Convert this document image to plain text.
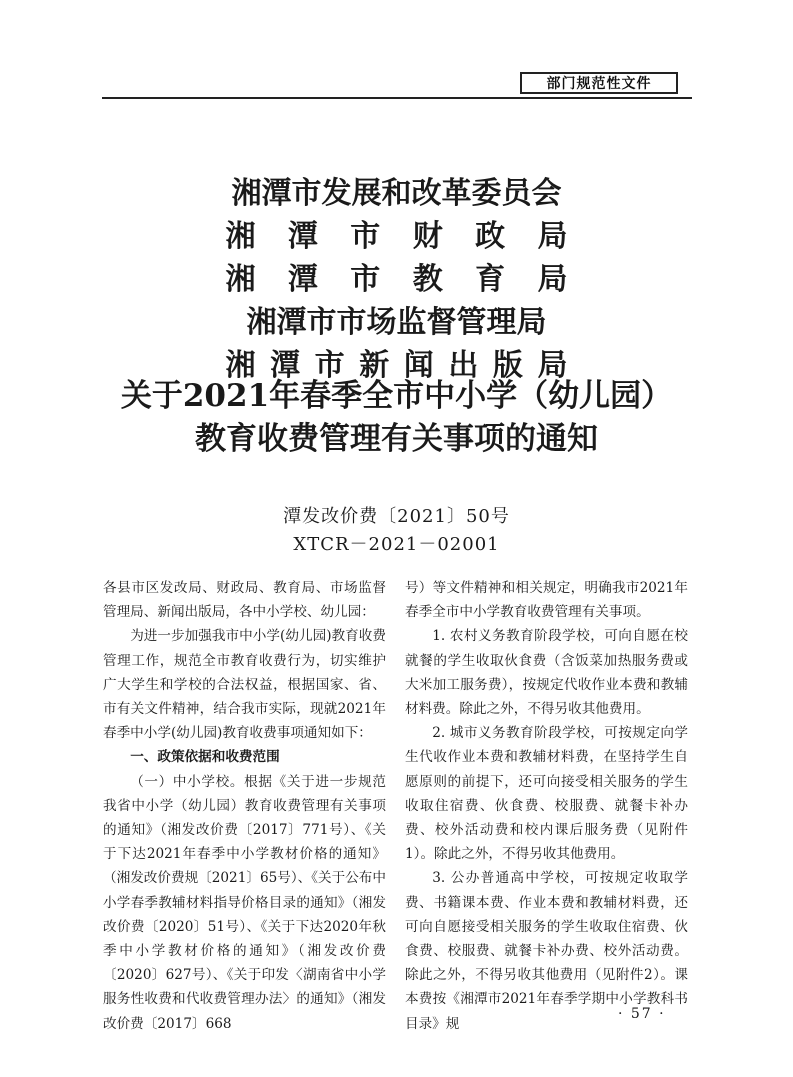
部门规范性文件
湘潭市发展和改革委员会
湘潭市财政局
湘潭市教育局
湘潭市市场监督管理局
湘潭市新闻出版局
关于2021年春季全市中小学（幼儿园）
教育收费管理有关事项的通知
潭发改价费〔2021〕50号
XTCR－2021－02001

各县市区发改局、财政局、教育局、市场监督管理局、新闻出版局，各中小学校、幼儿园：

为进一步加强我市中小学(幼儿园)教育收费管理工作，规范全市教育收费行为，切实维护广大学生和学校的合法权益，根据国家、省、市有关文件精神，结合我市实际，现就2021年春季中小学(幼儿园)教育收费事项通知如下：

一、政策依据和收费范围

（一）中小学校。根据《关于进一步规范我省中小学（幼儿园）教育收费管理有关事项的通知》（湘发改价费〔2017〕771号）、《关于下达2021年春季中小学教材价格的通知》（湘发改价费规〔2021〕65号）、《关于公布中小学春季教辅材料指导价格目录的通知》（湘发改价费〔2020〕51号）、《关于下达2020年秋季中小学教材价格的通知》（湘发改价费〔2020〕627号）、《关于印发〈湖南省中小学服务性收费和代收费管理办法〉的通知》（湘发改价费〔2017〕668

号）等文件精神和相关规定，明确我市2021年春季全市中小学教育收费管理有关事项。

1. 农村义务教育阶段学校，可向自愿在校就餐的学生收取伙食费（含饭菜加热服务费或大米加工服务费），按规定代收作业本费和教辅材料费。除此之外，不得另收其他费用。

2. 城市义务教育阶段学校，可按规定向学生代收作业本费和教辅材料费，在坚持学生自愿原则的前提下，还可向接受相关服务的学生收取住宿费、伙食费、校服费、就餐卡补办费、校外活动费和校内课后服务费（见附件1）。除此之外，不得另收其他费用。

3. 公办普通高中学校，可按规定收取学费、书籍课本费、作业本费和教辅材料费，还可向自愿接受相关服务的学生收取住宿费、伙食费、校服费、就餐卡补办费、校外活动费。除此之外，不得另收其他费用（见附件2）。课本费按《湘潭市2021年春季学期中小学教科书目录》规

· 57 ·
